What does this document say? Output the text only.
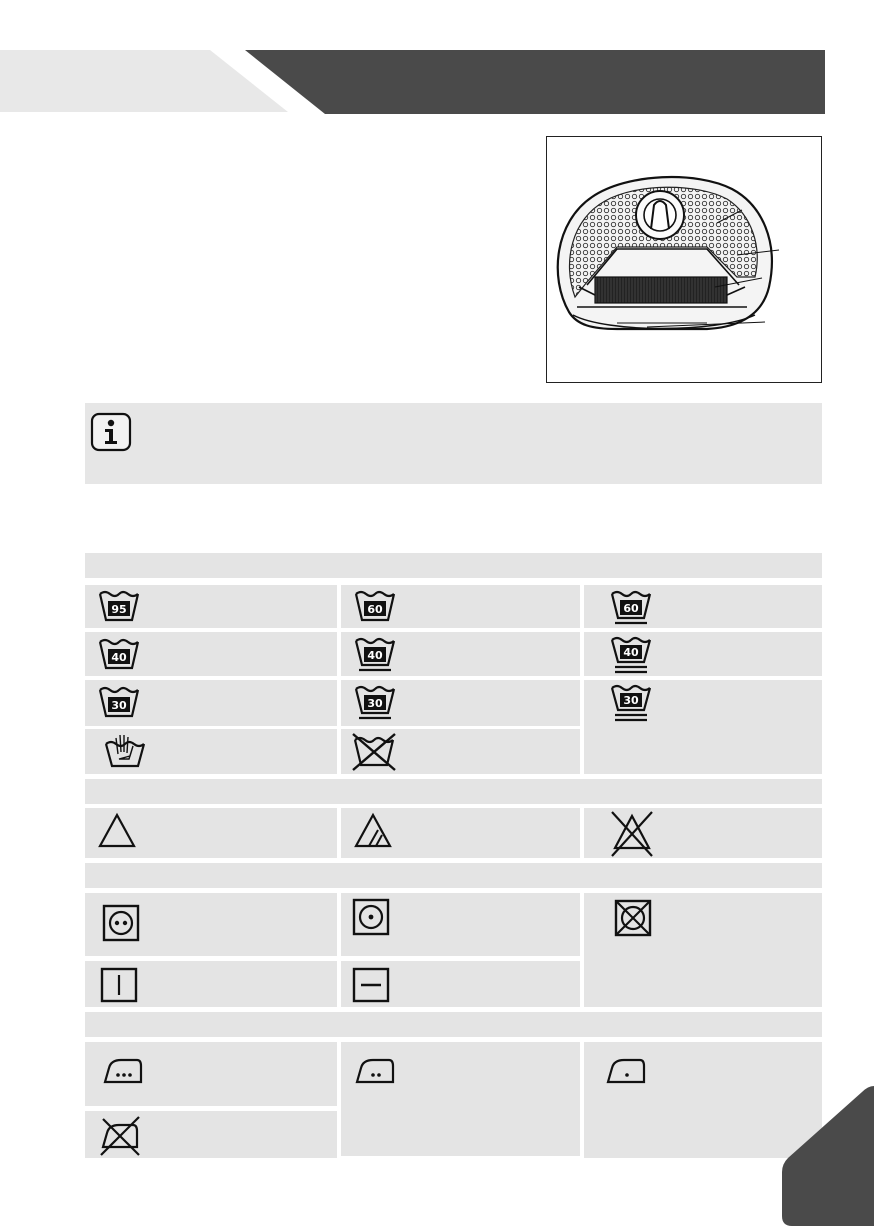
95	60	60
40	40	40
30	30	30
